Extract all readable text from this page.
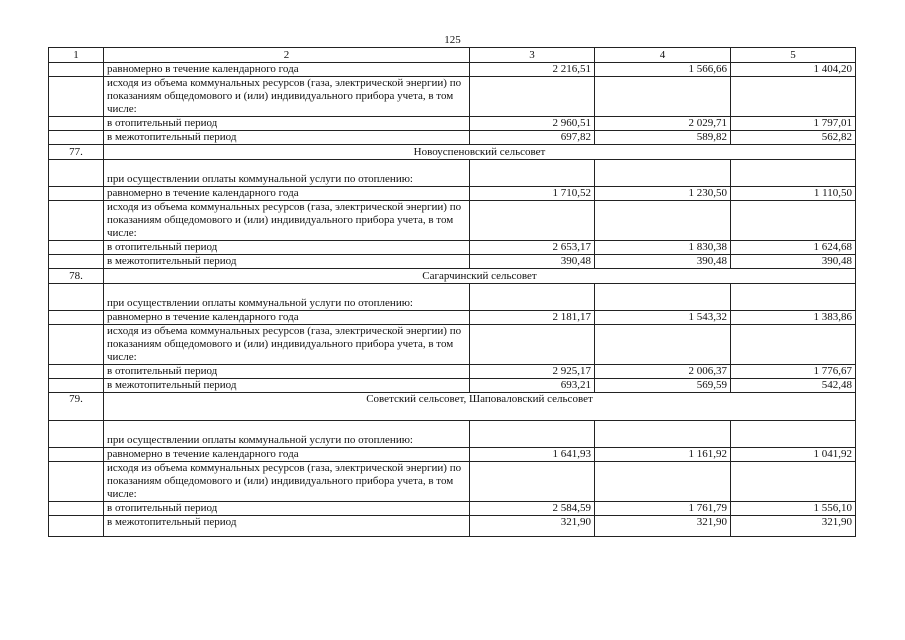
125
1	2	3	4	5
	равномерно в течение календарного года	2 216,51	1 566,66	1 404,20
	исходя из объема коммунальных ресурсов (газа, электрической энергии) по показаниям общедомового и (или) индивидуального прибора учета, в том числе:			
	в отопительный период	2 960,51	2 029,71	1 797,01
	в межотопительный период	697,82	589,82	562,82
77.	Новоуспеновский сельсовет			
	при осуществлении оплаты коммунальной услуги по отоплению:			
	равномерно в течение календарного года	1 710,52	1 230,50	1 110,50
	исходя из объема коммунальных ресурсов (газа, электрической энергии) по показаниям общедомового и (или) индивидуального прибора учета, в том числе:			
	в отопительный период	2 653,17	1 830,38	1 624,68
	в межотопительный период	390,48	390,48	390,48
78.	Сагарчинский сельсовет			
	при осуществлении оплаты коммунальной услуги по отоплению:			
	равномерно в течение календарного года	2 181,17	1 543,32	1 383,86
	исходя из объема коммунальных ресурсов (газа, электрической энергии) по показаниям общедомового и (или) индивидуального прибора учета, в том числе:			
	в отопительный период	2 925,17	2 006,37	1 776,67
	в межотопительный период	693,21	569,59	542,48
79.	Советский сельсовет, Шаповаловский сельсовет			
	при осуществлении оплаты коммунальной услуги по отоплению:			
	равномерно в течение календарного года	1 641,93	1 161,92	1 041,92
	исходя из объема коммунальных ресурсов (газа, электрической энергии) по показаниям общедомового и (или) индивидуального прибора учета, в том числе:			
	в отопительный период	2 584,59	1 761,79	1 556,10
	в межотопительный период	321,90	321,90	321,90
